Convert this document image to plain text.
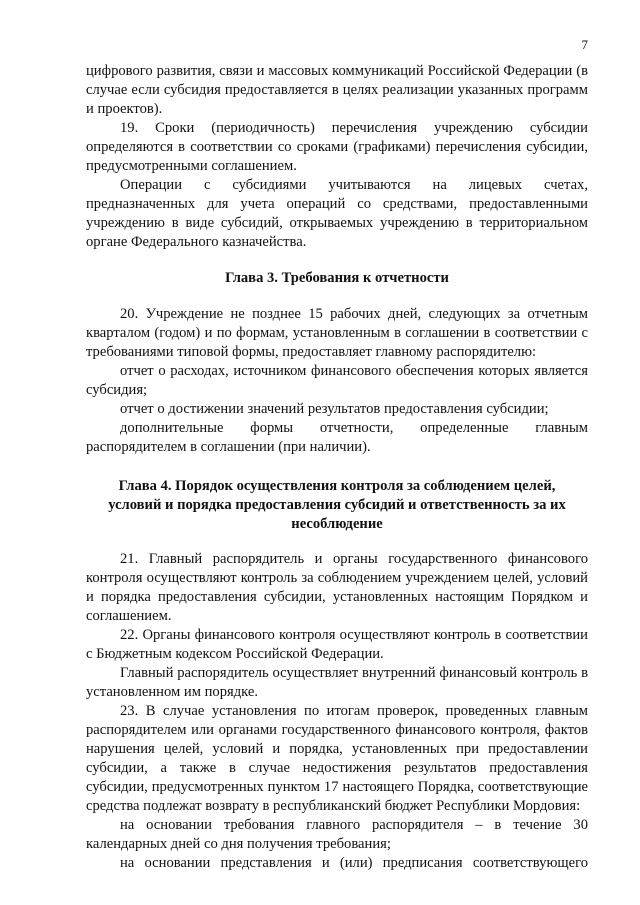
7

цифрового развития, связи и массовых коммуникаций Российской Федерации (в случае если субсидия предоставляется в целях реализации указанных программ и проектов).

19. Сроки (периодичность) перечисления учреждению субсидии определяются в соответствии со сроками (графиками) перечисления субсидии, предусмотренными соглашением.

Операции с субсидиями учитываются на лицевых счетах, предназначенных для учета операций со средствами, предоставленными учреждению в виде субсидий, открываемых учреждению в территориальном органе Федерального казначейства.

Глава 3. Требования к отчетности

20. Учреждение не позднее 15 рабочих дней, следующих за отчетным кварталом (годом) и по формам, установленным в соглашении в соответствии с требованиями типовой формы, предоставляет главному распорядителю:

отчет о расходах, источником финансового обеспечения которых является субсидия;

отчет о достижении значений результатов предоставления субсидии;

дополнительные формы отчетности, определенные главным распорядителем в соглашении (при наличии).

Глава 4. Порядок осуществления контроля за соблюдением целей, условий и порядка предоставления субсидий и ответственность за их несоблюдение

21. Главный распорядитель и органы государственного финансового контроля осуществляют контроль за соблюдением учреждением целей, условий и порядка предоставления субсидии, установленных настоящим Порядком и соглашением.

22. Органы финансового контроля осуществляют контроль в соответствии с Бюджетным кодексом Российской Федерации.

Главный распорядитель осуществляет внутренний финансовый контроль в установленном им порядке.

23. В случае установления по итогам проверок, проведенных главным распорядителем или органами государственного финансового контроля, фактов нарушения целей, условий и порядка, установленных при предоставлении субсидии, а также в случае недостижения результатов предоставления субсидии, предусмотренных пунктом 17 настоящего Порядка, соответствующие средства подлежат возврату в республиканский бюджет Республики Мордовия:

на основании требования главного распорядителя – в течение 30 календарных дней со дня получения требования;

на основании представления и (или) предписания соответствующего
